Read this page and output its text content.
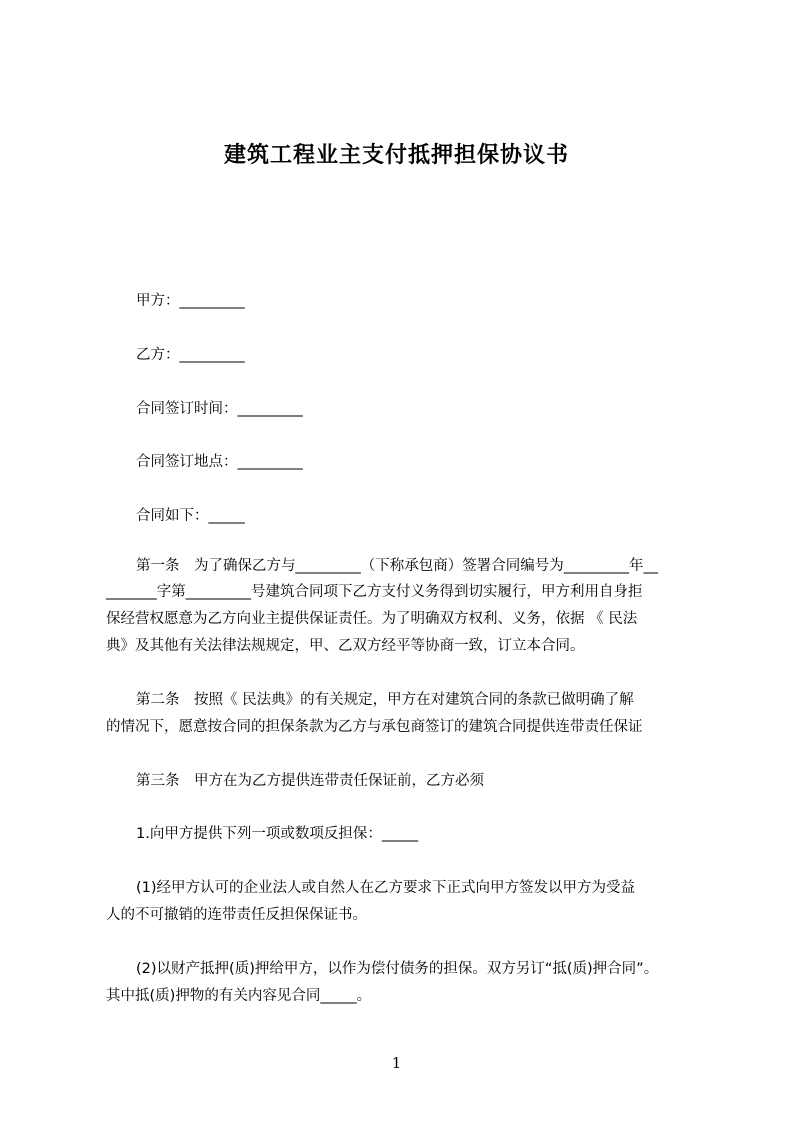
建筑工程业主支付抵押担保协议书
甲方：_________
乙方：_________
合同签订时间：_________
合同签订地点：_________
合同如下：_____
第一条　为了确保乙方与_________（下称承包商）签署合同编号为_________年__
_______字第_________号建筑合同项下乙方支付义务得到切实履行，甲方利用自身拒
保经营权愿意为乙方向业主提供保证责任。为了明确双方权利、义务，依据 《 民法
典》及其他有关法律法规规定，甲、乙双方经平等协商一致，订立本合同。
第二条　按照《 民法典》的有关规定，甲方在对建筑合同的条款已做明确了解
的情况下，愿意按合同的担保条款为乙方与承包商签订的建筑合同提供连带责任保证
第三条　甲方在为乙方提供连带责任保证前，乙方必须
1.向甲方提供下列一项或数项反担保：_____
(1)经甲方认可的企业法人或自然人在乙方要求下正式向甲方签发以甲方为受益
人的不可撤销的连带责任反担保保证书。
(2)以财产抵押(质)押给甲方，以作为偿付债务的担保。双方另订“抵(质)押合同”。
其中抵(质)押物的有关内容见合同_____。
1
